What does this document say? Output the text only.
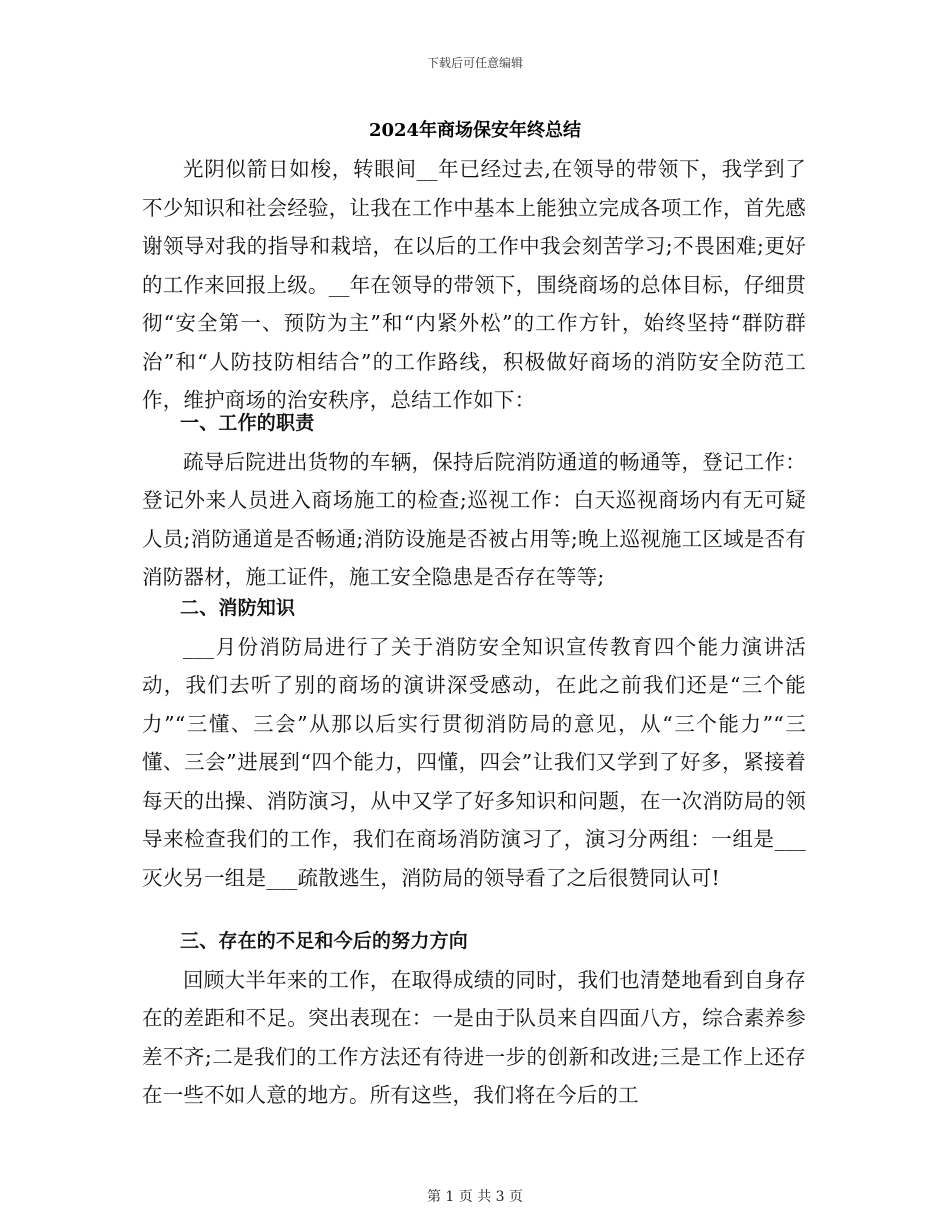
下载后可任意编辑
2024年商场保安年终总结

光阴似箭日如梭，转眼间__年已经过去,在领导的带领下，我学到了不少知识和社会经验，让我在工作中基本上能独立完成各项工作，首先感谢领导对我的指导和栽培，在以后的工作中我会刻苦学习;不畏困难;更好的工作来回报上级。__年在领导的带领下，围绕商场的总体目标，仔细贯彻“安全第一、预防为主”和“内紧外松”的工作方针，始终坚持“群防群治”和“人防技防相结合”的工作路线，积极做好商场的消防安全防范工作，维护商场的治安秩序，总结工作如下：

一、工作的职责

疏导后院进出货物的车辆，保持后院消防通道的畅通等，登记工作：登记外来人员进入商场施工的检查;巡视工作：白天巡视商场内有无可疑人员;消防通道是否畅通;消防设施是否被占用等;晚上巡视施工区域是否有消防器材，施工证件，施工安全隐患是否存在等等;

二、消防知识

___月份消防局进行了关于消防安全知识宣传教育四个能力演讲活动，我们去听了别的商场的演讲深受感动，在此之前我们还是“三个能力”“三懂、三会”从那以后实行贯彻消防局的意见，从“三个能力”“三懂、三会”进展到“四个能力，四懂，四会”让我们又学到了好多，紧接着每天的出操、消防演习，从中又学了好多知识和问题，在一次消防局的领导来检查我们的工作，我们在商场消防演习了，演习分两组：一组是___灭火另一组是___疏散逃生，消防局的领导看了之后很赞同认可!

三、存在的不足和今后的努力方向

回顾大半年来的工作，在取得成绩的同时，我们也清楚地看到自身存在的差距和不足。突出表现在：一是由于队员来自四面八方，综合素养参差不齐;二是我们的工作方法还有待进一步的创新和改进;三是工作上还存在一些不如人意的地方。所有这些，我们将在今后的工

第 1 页 共 3 页
